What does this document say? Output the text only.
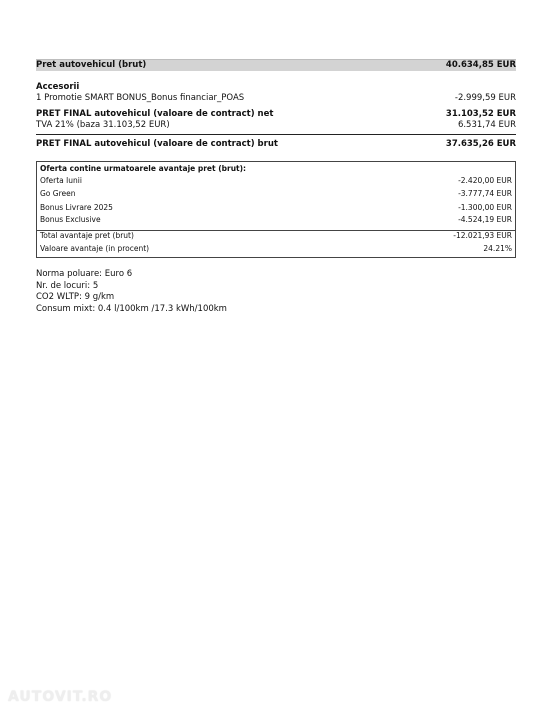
Pret autovehicul (brut)	40.634,85 EUR
Accesorii
1 Promotie SMART BONUS_Bonus financiar_POAS	-2.999,59 EUR
PRET FINAL autovehicul (valoare de contract) net	31.103,52 EUR
TVA 21% (baza 31.103,52 EUR)	6.531,74 EUR
PRET FINAL autovehicul (valoare de contract) brut	37.635,26 EUR
Oferta contine urmatoarele avantaje pret (brut):
Oferta lunii	-2.420,00 EUR
Go Green	-3.777,74 EUR
Bonus Livrare 2025	-1.300,00 EUR
Bonus Exclusive	-4.524,19 EUR
Total avantaje pret (brut)	-12.021,93 EUR
Valoare avantaje (in procent)	24.21%
Norma poluare: Euro 6
Nr. de locuri: 5
CO2 WLTP: 9 g/km
Consum mixt: 0.4 l/100km /17.3 kWh/100km
AUTOVIT.RO
